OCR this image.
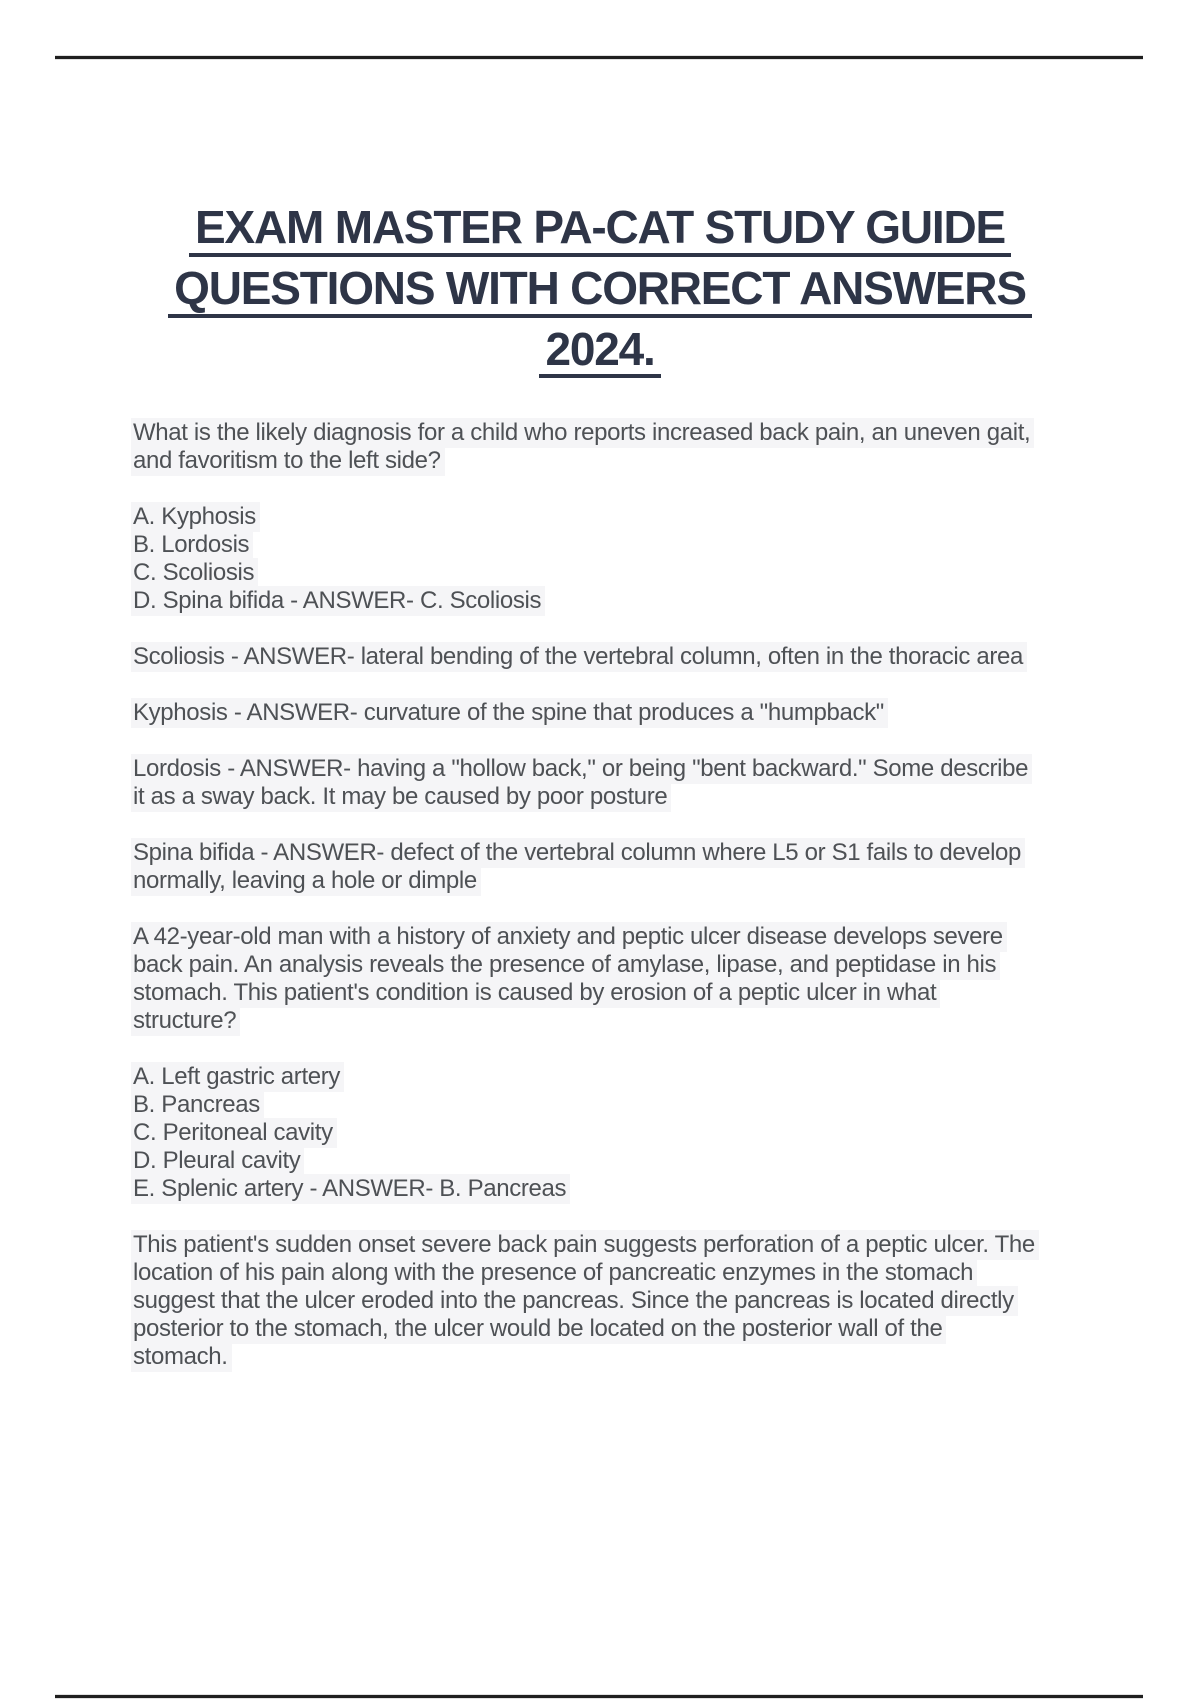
EXAM MASTER PA-CAT STUDY GUIDE
QUESTIONS WITH CORRECT ANSWERS
2024.
What is the likely diagnosis for a child who reports increased back pain, an uneven gait,
and favoritism to the left side?
A. Kyphosis
B. Lordosis
C. Scoliosis
D. Spina bifida - ANSWER- C. Scoliosis
Scoliosis - ANSWER- lateral bending of the vertebral column, often in the thoracic area
Kyphosis - ANSWER- curvature of the spine that produces a "humpback"
Lordosis - ANSWER- having a "hollow back," or being "bent backward." Some describe
it as a sway back. It may be caused by poor posture
Spina bifida - ANSWER- defect of the vertebral column where L5 or S1 fails to develop
normally, leaving a hole or dimple
A 42-year-old man with a history of anxiety and peptic ulcer disease develops severe
back pain. An analysis reveals the presence of amylase, lipase, and peptidase in his
stomach. This patient's condition is caused by erosion of a peptic ulcer in what
structure?
A. Left gastric artery
B. Pancreas
C. Peritoneal cavity
D. Pleural cavity
E. Splenic artery - ANSWER- B. Pancreas
This patient's sudden onset severe back pain suggests perforation of a peptic ulcer. The
location of his pain along with the presence of pancreatic enzymes in the stomach
suggest that the ulcer eroded into the pancreas. Since the pancreas is located directly
posterior to the stomach, the ulcer would be located on the posterior wall of the
stomach.
